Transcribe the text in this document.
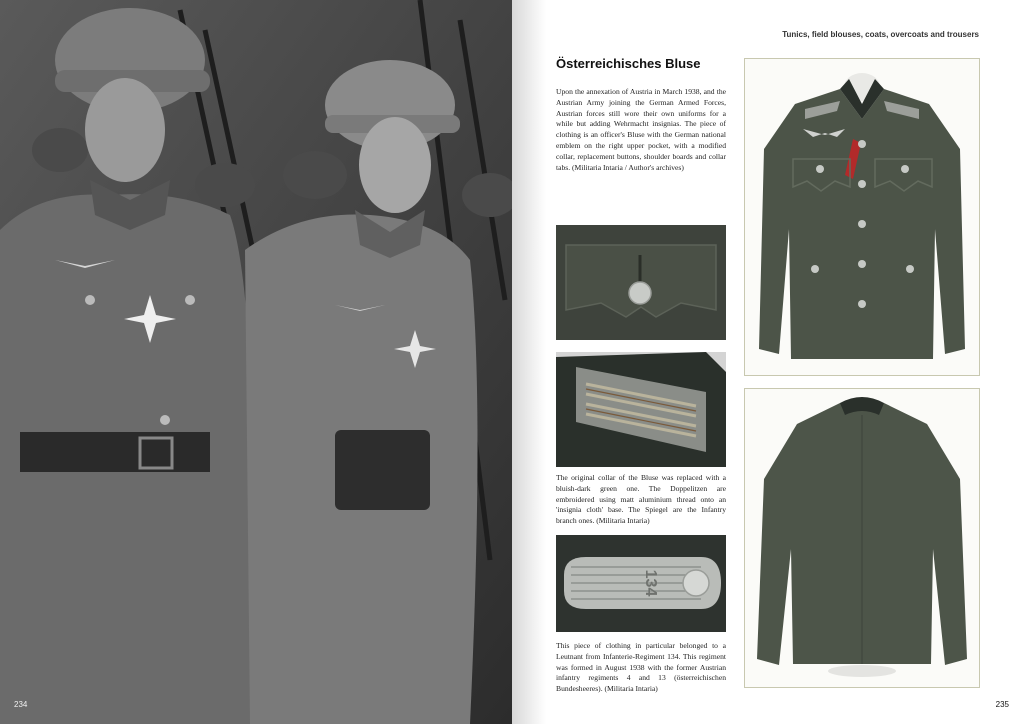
234
Tunics, field blouses, coats, overcoats and trousers
Österreichisches Bluse

Upon the annexation of Austria in March 1938, and the Austrian Army joining the German Armed Forces, Austrian forces still wore their own uniforms for a while but adding Wehrmacht insignias. The piece of clothing is an officer's Bluse with the German national emblem on the right upper pocket, with a modified collar, replacement buttons, shoulder boards and collar tabs. (Militaria Intaria / Author's archives)

The original collar of the Bluse was replaced with a bluish-dark green one. The Doppelitzen are embroidered using matt aluminium thread onto an 'insignia cloth' base. The Spiegel are the Infantry branch ones. (Militaria Intaria)

134

This piece of clothing in particular belonged to a Leutnant from Infanterie-Regiment 134. This regiment was formed in August 1938 with the former Austrian infantry regiments 4 and 13 (österreichischen Bundesheeres). (Militaria Intaria)

235
